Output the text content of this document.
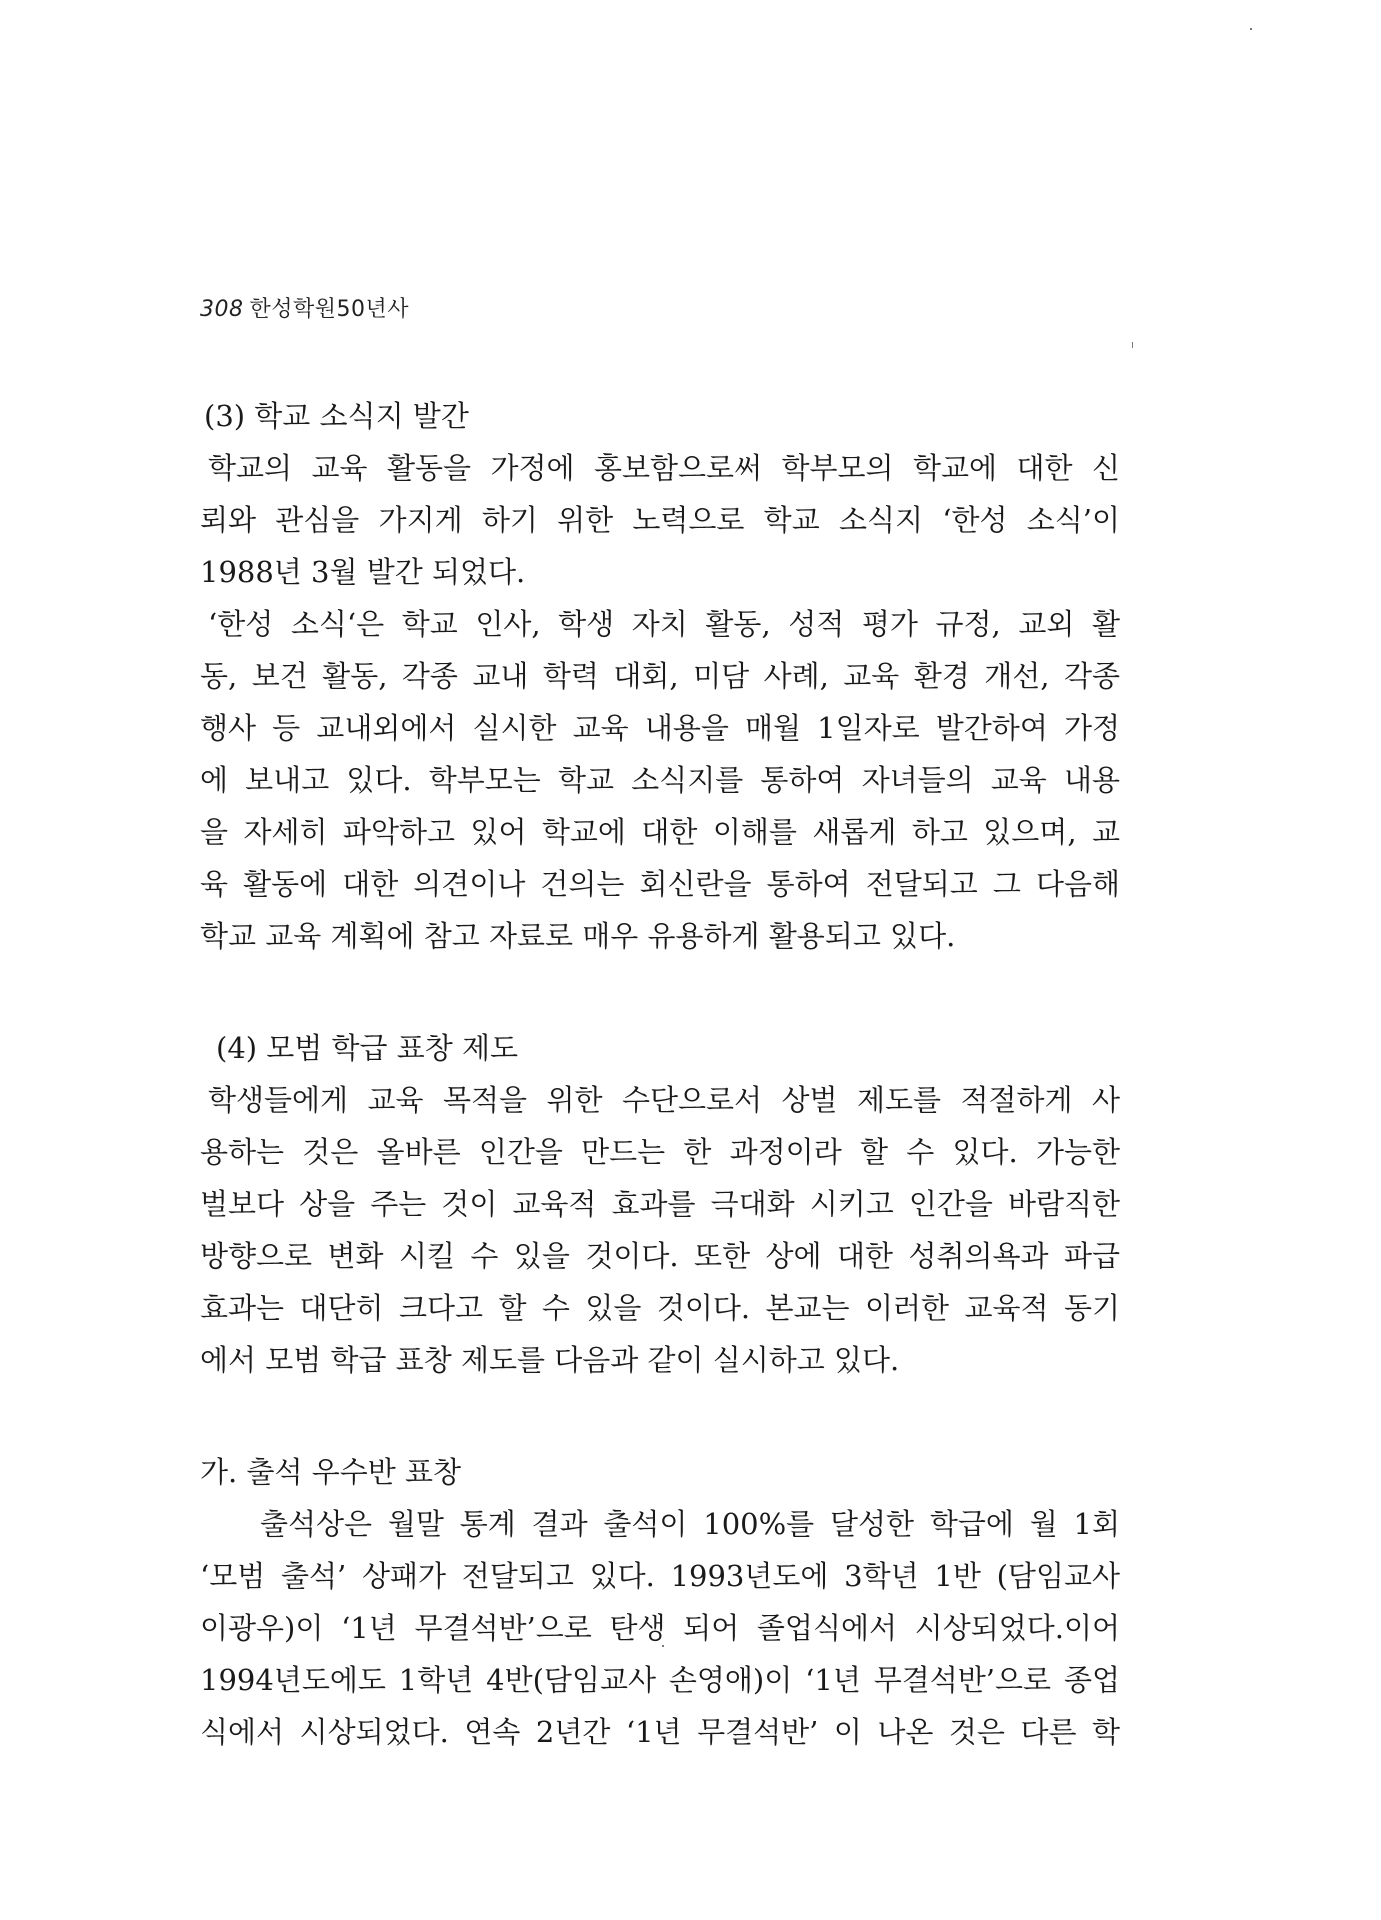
308 한성학원50년사
(3) 학교 소식지 발간
학교의 교육 활동을 가정에 홍보함으로써 학부모의 학교에 대한 신
뢰와 관심을 가지게 하기 위한 노력으로 학교 소식지 ‘한성 소식’이
1988년 3월 발간 되었다.
‘한성 소식‘은 학교 인사, 학생 자치 활동, 성적 평가 규정, 교외 활
동, 보건 활동, 각종 교내 학력 대회, 미담 사례, 교육 환경 개선, 각종
행사 등 교내외에서 실시한 교육 내용을 매월 1일자로 발간하여 가정
에 보내고 있다. 학부모는 학교 소식지를 통하여 자녀들의 교육 내용
을 자세히 파악하고 있어 학교에 대한 이해를 새롭게 하고 있으며, 교
육 활동에 대한 의견이나 건의는 회신란을 통하여 전달되고 그 다음해
학교 교육 계획에 참고 자료로 매우 유용하게 활용되고 있다.
(4) 모범 학급 표창 제도
학생들에게 교육 목적을 위한 수단으로서 상벌 제도를 적절하게 사
용하는 것은 올바른 인간을 만드는 한 과정이라 할 수 있다. 가능한
벌보다 상을 주는 것이 교육적 효과를 극대화 시키고 인간을 바람직한
방향으로 변화 시킬 수 있을 것이다. 또한 상에 대한 성취의욕과 파급
효과는 대단히 크다고 할 수 있을 것이다. 본교는 이러한 교육적 동기
에서 모범 학급 표창 제도를 다음과 같이 실시하고 있다.
가. 출석 우수반 표창
출석상은 월말 통계 결과 출석이 100%를 달성한 학급에 월 1회
‘모범 출석’ 상패가 전달되고 있다. 1993년도에 3학년 1반 (담임교사
이광우)이 ‘1년 무결석반’으로 탄생 되어 졸업식에서 시상되었다.이어
1994년도에도 1학년 4반(담임교사 손영애)이 ‘1년 무결석반’으로 종업
식에서 시상되었다. 연속 2년간 ‘1년 무결석반’ 이 나온 것은 다른 학
